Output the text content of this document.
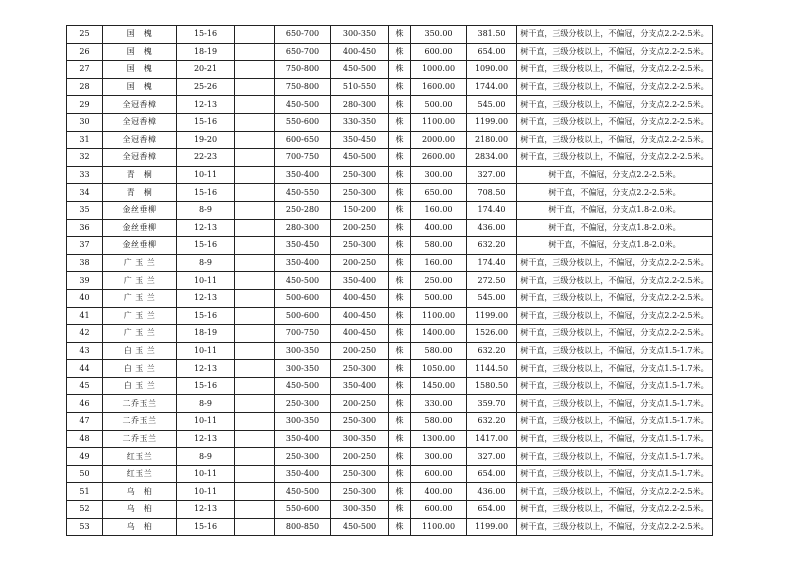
25	国　槐	15-16		650-700	300-350	株	350.00	381.50	树干直，三级分枝以上，不偏冠，分支点2.2-2.5米。
26	国　槐	18-19		650-700	400-450	株	600.00	654.00	树干直，三级分枝以上，不偏冠，分支点2.2-2.5米。
27	国　槐	20-21		750-800	450-500	株	1000.00	1090.00	树干直，三级分枝以上，不偏冠，分支点2.2-2.5米。
28	国　槐	25-26		750-800	510-550	株	1600.00	1744.00	树干直，三级分枝以上，不偏冠，分支点2.2-2.5米。
29	全冠香樟	12-13		450-500	280-300	株	500.00	545.00	树干直，三级分枝以上，不偏冠，分支点2.2-2.5米。
30	全冠香樟	15-16		550-600	330-350	株	1100.00	1199.00	树干直，三级分枝以上，不偏冠，分支点2.2-2.5米。
31	全冠香樟	19-20		600-650	350-450	株	2000.00	2180.00	树干直，三级分枝以上，不偏冠，分支点2.2-2.5米。
32	全冠香樟	22-23		700-750	450-500	株	2600.00	2834.00	树干直，三级分枝以上，不偏冠，分支点2.2-2.5米。
33	青　桐	10-11		350-400	250-300	株	300.00	327.00	树干直，不偏冠，分支点2.2-2.5米。
34	青　桐	15-16		450-550	250-300	株	650.00	708.50	树干直，不偏冠，分支点2.2-2.5米。
35	金丝垂柳	8-9		250-280	150-200	株	160.00	174.40	树干直，不偏冠，分支点1.8-2.0米。
36	金丝垂柳	12-13		280-300	200-250	株	400.00	436.00	树干直，不偏冠，分支点1.8-2.0米。
37	金丝垂柳	15-16		350-450	250-300	株	580.00	632.20	树干直，不偏冠，分支点1.8-2.0米。
38	广 玉 兰	8-9		350-400	200-250	株	160.00	174.40	树干直，三级分枝以上，不偏冠，分支点2.2-2.5米。
39	广 玉 兰	10-11		450-500	350-400	株	250.00	272.50	树干直，三级分枝以上，不偏冠，分支点2.2-2.5米。
40	广 玉 兰	12-13		500-600	400-450	株	500.00	545.00	树干直，三级分枝以上，不偏冠，分支点2.2-2.5米。
41	广 玉 兰	15-16		500-600	400-450	株	1100.00	1199.00	树干直，三级分枝以上，不偏冠，分支点2.2-2.5米。
42	广 玉 兰	18-19		700-750	400-450	株	1400.00	1526.00	树干直，三级分枝以上，不偏冠，分支点2.2-2.5米。
43	白 玉 兰	10-11		300-350	200-250	株	580.00	632.20	树干直，三级分枝以上，不偏冠，分支点1.5-1.7米。
44	白 玉 兰	12-13		300-350	250-300	株	1050.00	1144.50	树干直，三级分枝以上，不偏冠，分支点1.5-1.7米。
45	白 玉 兰	15-16		450-500	350-400	株	1450.00	1580.50	树干直，三级分枝以上，不偏冠，分支点1.5-1.7米。
46	二乔玉兰	8-9		250-300	200-250	株	330.00	359.70	树干直，三级分枝以上，不偏冠，分支点1.5-1.7米。
47	二乔玉兰	10-11		300-350	250-300	株	580.00	632.20	树干直，三级分枝以上，不偏冠，分支点1.5-1.7米。
48	二乔玉兰	12-13		350-400	300-350	株	1300.00	1417.00	树干直，三级分枝以上，不偏冠，分支点1.5-1.7米。
49	红玉兰	8-9		250-300	200-250	株	300.00	327.00	树干直，三级分枝以上，不偏冠，分支点1.5-1.7米。
50	红玉兰	10-11		350-400	250-300	株	600.00	654.00	树干直，三级分枝以上，不偏冠，分支点1.5-1.7米。
51	乌　桕	10-11		450-500	250-300	株	400.00	436.00	树干直，三级分枝以上，不偏冠，分支点2.2-2.5米。
52	乌　桕	12-13		550-600	300-350	株	600.00	654.00	树干直，三级分枝以上，不偏冠，分支点2.2-2.5米。
53	乌　桕	15-16		800-850	450-500	株	1100.00	1199.00	树干直，三级分枝以上，不偏冠，分支点2.2-2.5米。
